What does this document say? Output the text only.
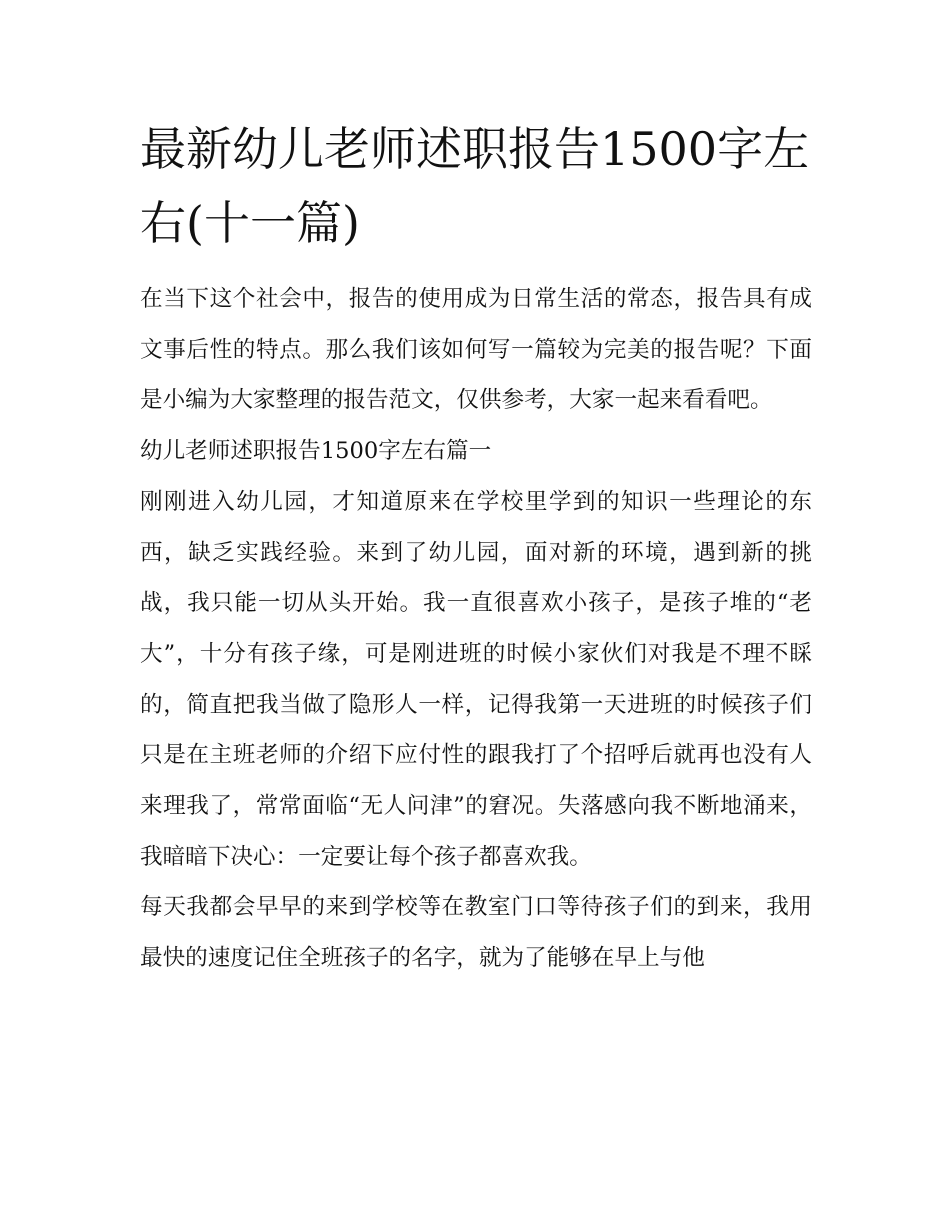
最新幼儿老师述职报告1500字左右(十一篇)

在当下这个社会中，报告的使用成为日常生活的常态，报告具有成文事后性的特点。那么我们该如何写一篇较为完美的报告呢？下面是小编为大家整理的报告范文，仅供参考，大家一起来看看吧。

幼儿老师述职报告1500字左右篇一

刚刚进入幼儿园，才知道原来在学校里学到的知识一些理论的东西，缺乏实践经验。来到了幼儿园，面对新的环境，遇到新的挑战，我只能一切从头开始。我一直很喜欢小孩子，是孩子堆的“老大”，十分有孩子缘，可是刚进班的时候小家伙们对我是不理不睬的，简直把我当做了隐形人一样，记得我第一天进班的时候孩子们只是在主班老师的介绍下应付性的跟我打了个招呼后就再也没有人来理我了，常常面临“无人问津”的窘况。失落感向我不断地涌来，我暗暗下决心：一定要让每个孩子都喜欢我。

每天我都会早早的来到学校等在教室门口等待孩子们的到来，我用最快的速度记住全班孩子的名字，就为了能够在早上与他
